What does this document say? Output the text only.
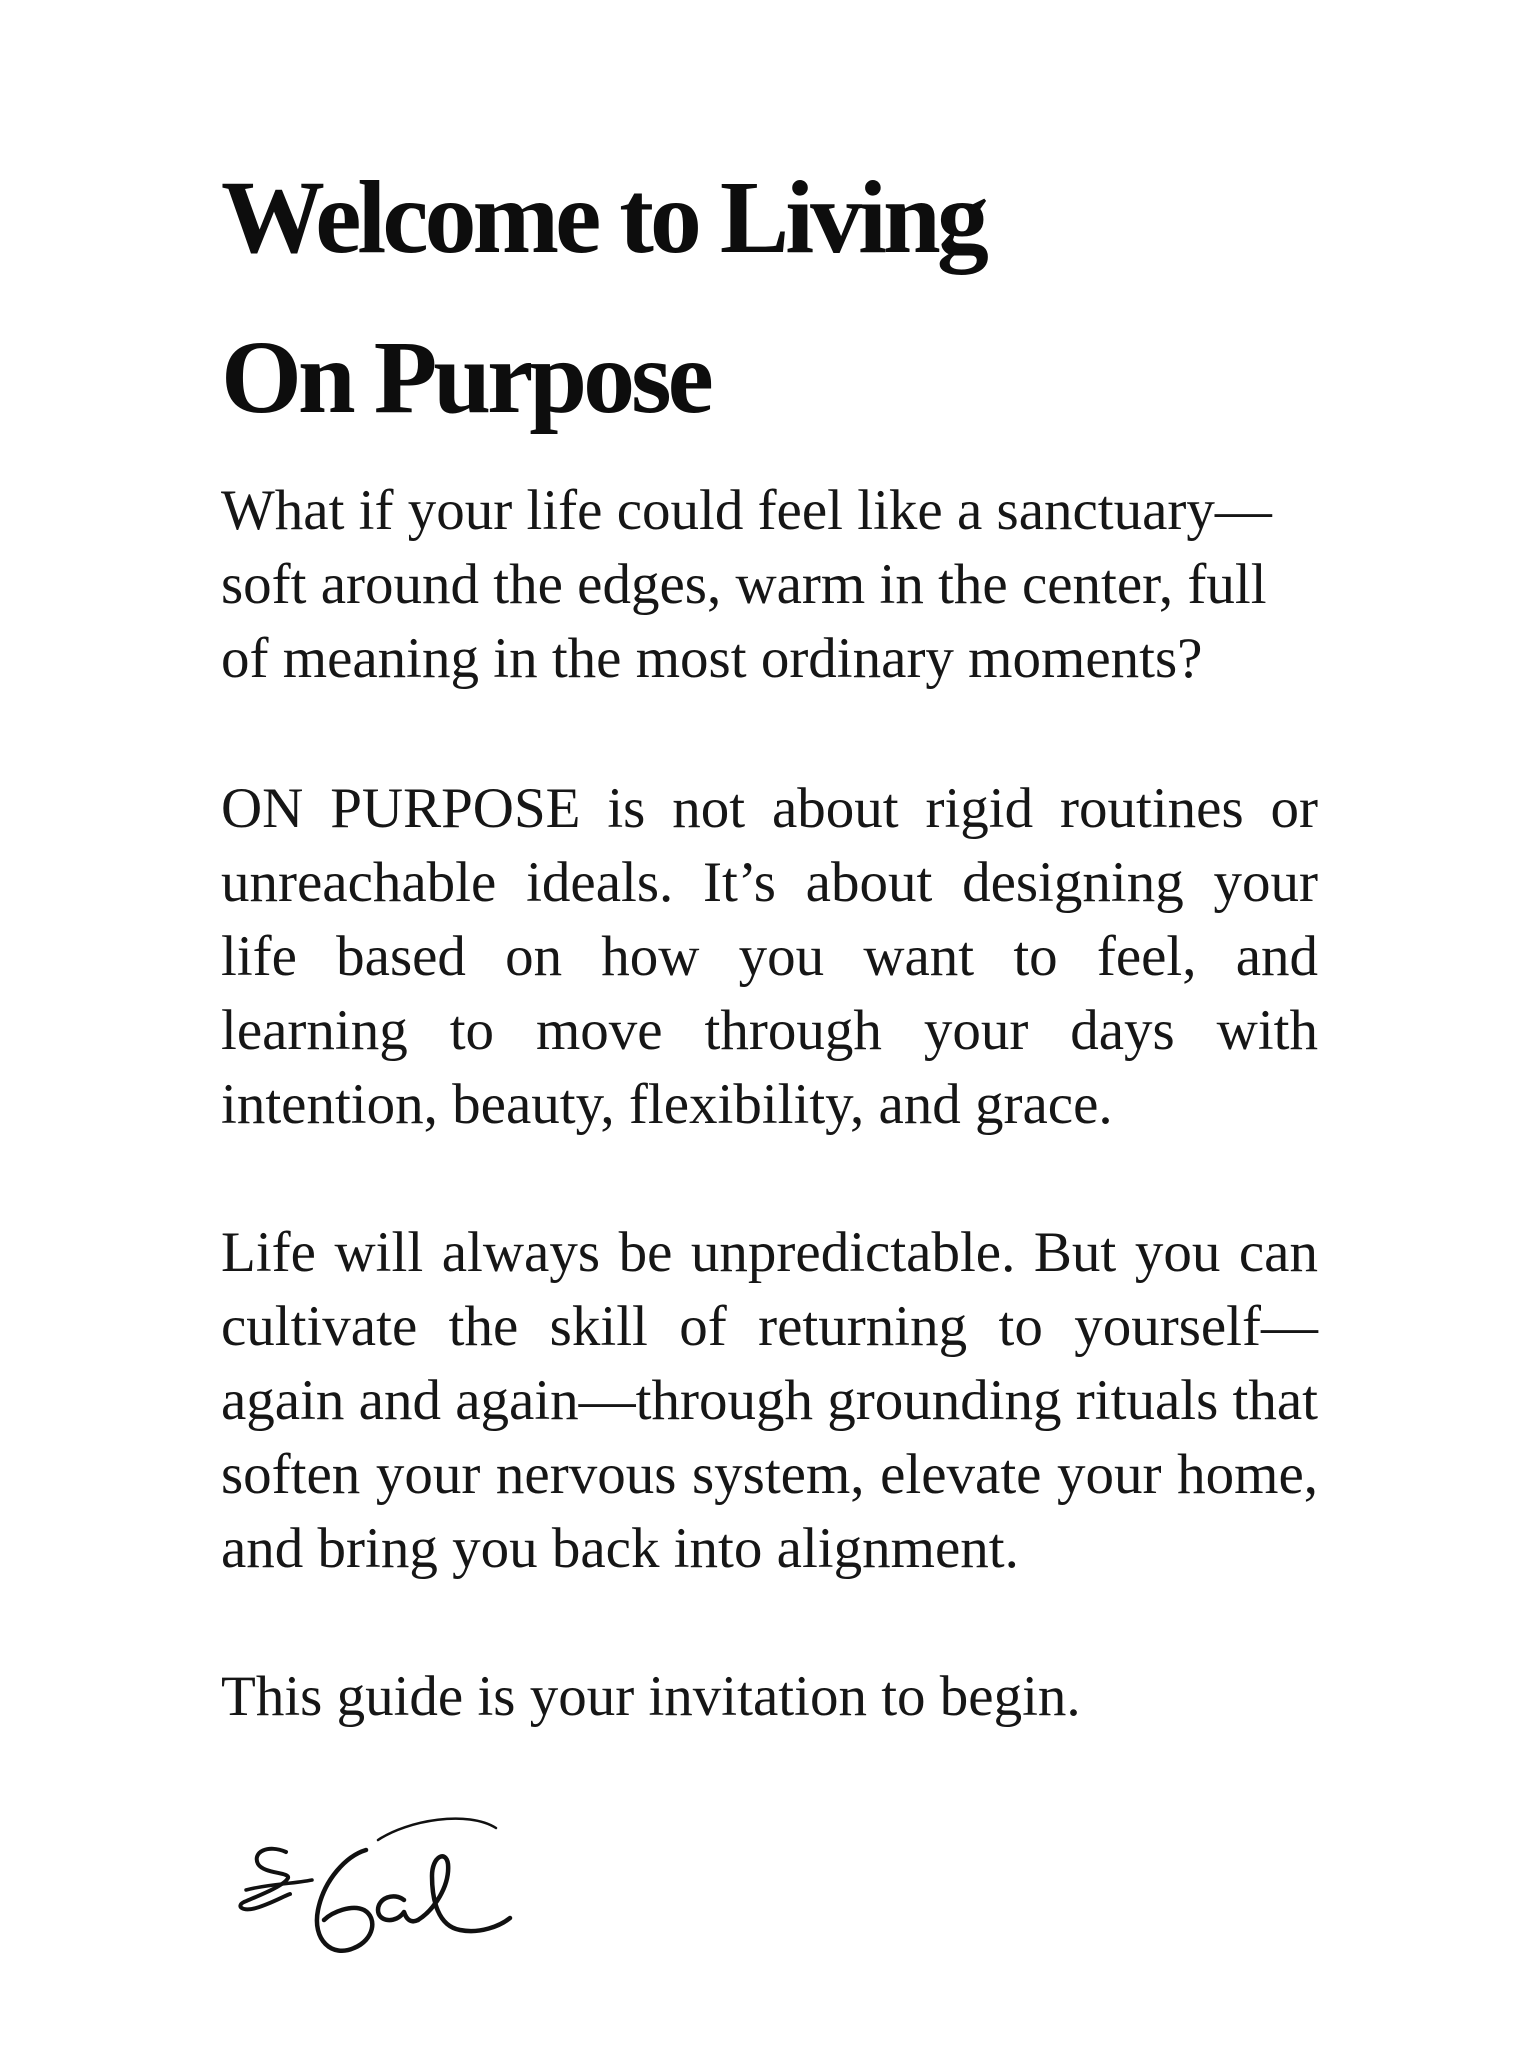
Welcome to Living
On Purpose

What if your life could feel like a sanctuary—soft around the edges, warm in the center, full of meaning in the most ordinary moments?

ON PURPOSE is not about rigid routines or unreachable ideals. It’s about designing your life based on how you want to feel, and learning to move through your days with intention, beauty, flexibility, and grace.

Life will always be unpredictable. But you can cultivate the skill of returning to yourself—again and again—through grounding rituals that soften your nervous system, elevate your home, and bring you back into alignment.

This guide is your invitation to begin.
